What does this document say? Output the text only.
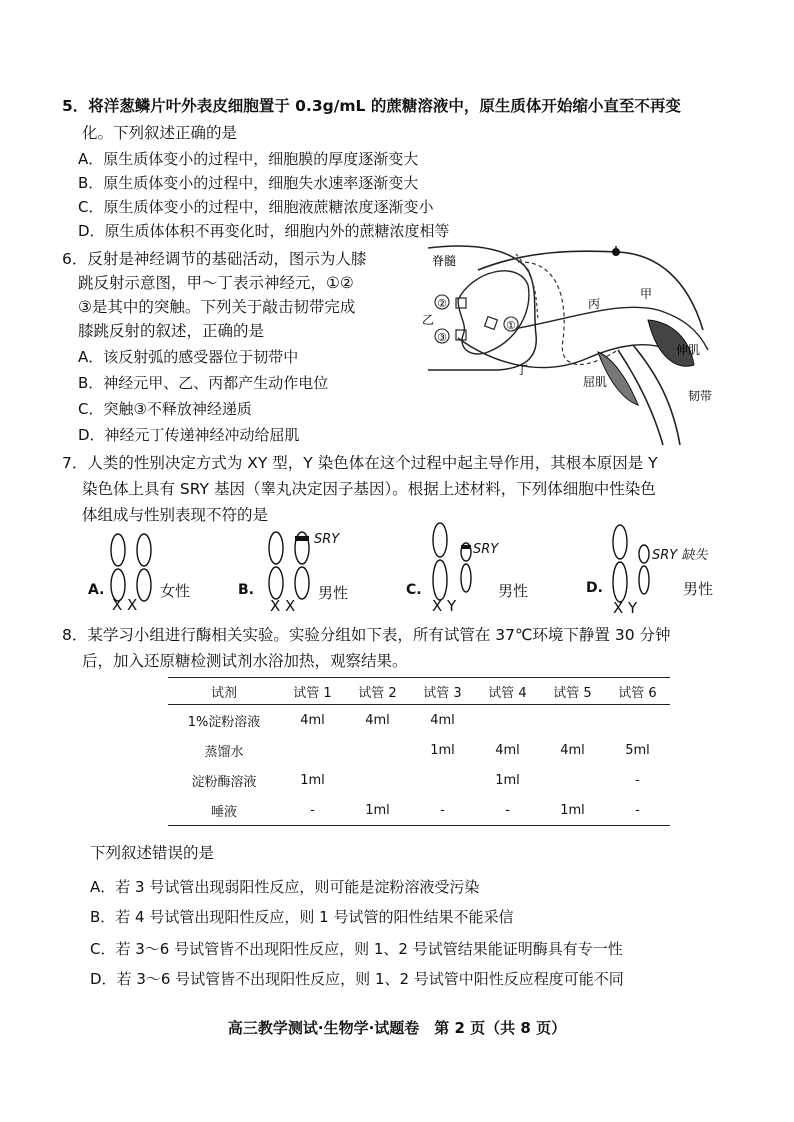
5．将洋葱鳞片叶外表皮细胞置于 0.3g/mL 的蔗糖溶液中，原生质体开始缩小直至不再变
化。下列叙述正确的是
A．原生质体变小的过程中，细胞膜的厚度逐渐变大
B．原生质体变小的过程中，细胞失水速率逐渐变大
C．原生质体变小的过程中，细胞液蔗糖浓度逐渐变小
D．原生质体体积不再变化时，细胞内外的蔗糖浓度相等
6．反射是神经调节的基础活动，图示为人膝
跳反射示意图，甲～丁表示神经元，①②
③是其中的突触。下列关于敲击韧带完成
膝跳反射的叙述，正确的是
A．该反射弧的感受器位于韧带中
B．神经元甲、乙、丙都产生动作电位
C．突触③不释放神经递质
D．神经元丁传递神经冲动给屈肌
①
②
③
脊髓
甲
丙
乙
丁
伸肌
屈肌
韧带
7．人类的性别决定方式为 XY 型，Y 染色体在这个过程中起主导作用，其根本原因是 Y
染色体上具有 SRY 基因（睾丸决定因子基因）。根据上述材料，下列体细胞中性染色
体组成与性别表现不符的是
A.
X X
女性	B.
SRY
X X
男性	C.
SRY
X Y
男性	D.
SRY 缺失
X Y
男性
8．某学习小组进行酶相关实验。实验分组如下表，所有试管在 37℃环境下静置 30 分钟
后，加入还原糖检测试剂水浴加热，观察结果。
试剂	试管 1	试管 2	试管 3	试管 4	试管 5	试管 6
1%淀粉溶液	4ml	4ml	4ml			
蒸馏水			1ml	4ml	4ml	5ml
淀粉酶溶液	1ml			1ml		-
唾液	-	1ml	-	-	1ml	-
下列叙述错误的是
A．若 3 号试管出现弱阳性反应，则可能是淀粉溶液受污染
B．若 4 号试管出现阳性反应，则 1 号试管的阳性结果不能采信
C．若 3～6 号试管皆不出现阳性反应，则 1、2 号试管结果能证明酶具有专一性
D．若 3～6 号试管皆不出现阳性反应，则 1、2 号试管中阳性反应程度可能不同
高三教学测试·生物学·试题卷　第 2 页（共 8 页）
